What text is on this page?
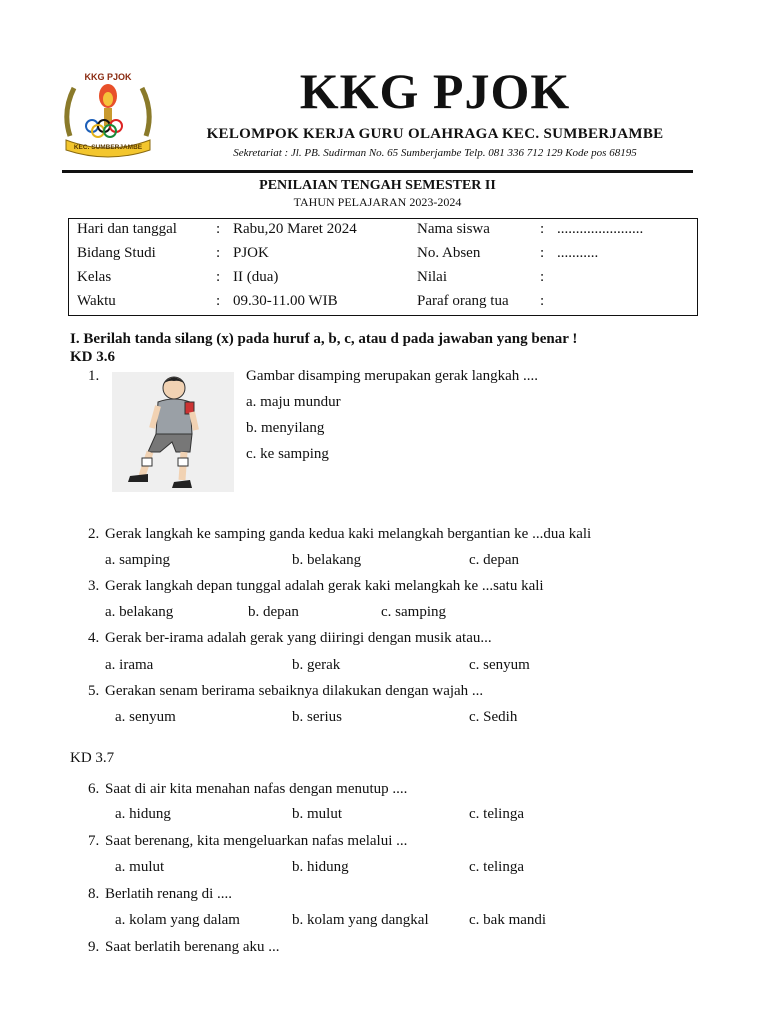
KKG PJOK
KEC. SUMBERJAMBE
KKG PJOK
KELOMPOK KERJA GURU OLAHRAGA KEC. SUMBERJAMBE
Sekretariat : Jl. PB. Sudirman No. 65 Sumberjambe Telp. 081 336 712 129 Kode pos 68195
PENILAIAN TENGAH SEMESTER II
TAHUN PELAJARAN 2023-2024
Hari dan tanggal	: Rabu,20 Maret 2024	Nama siswa	: .......................
Bidang Studi	: PJOK	No. Absen	: ...........
Kelas	: II (dua)	Nilai	:
Waktu	: 09.30-11.00 WIB	Paraf orang tua :
I. Berilah tanda silang (x) pada huruf a, b, c, atau d pada jawaban yang benar !
KD 3.6
1.	Gambar disamping merupakan gerak langkah ....
a. maju mundur
b. menyilang
c. ke samping
2. Gerak langkah ke samping ganda kedua kaki melangkah bergantian ke ...dua kali
a. samping	b. belakang	c. depan
3. Gerak langkah depan tunggal adalah gerak kaki melangkah ke ...satu kali
a. belakang	b. depan	c. samping
4. Gerak ber-irama adalah gerak yang diiringi dengan musik atau...
a. irama	b. gerak	c. senyum
5. Gerakan senam berirama sebaiknya dilakukan dengan wajah ...
a. senyum	b. serius	c. Sedih
KD 3.7
6. Saat di air kita menahan nafas dengan menutup ....
a. hidung	b. mulut	c. telinga
7. Saat berenang, kita mengeluarkan nafas melalui ...
a. mulut	b. hidung	c. telinga
8. Berlatih renang di ....
a. kolam yang dalam	b. kolam yang dangkal	c. bak mandi
9. Saat berlatih berenang aku ...
